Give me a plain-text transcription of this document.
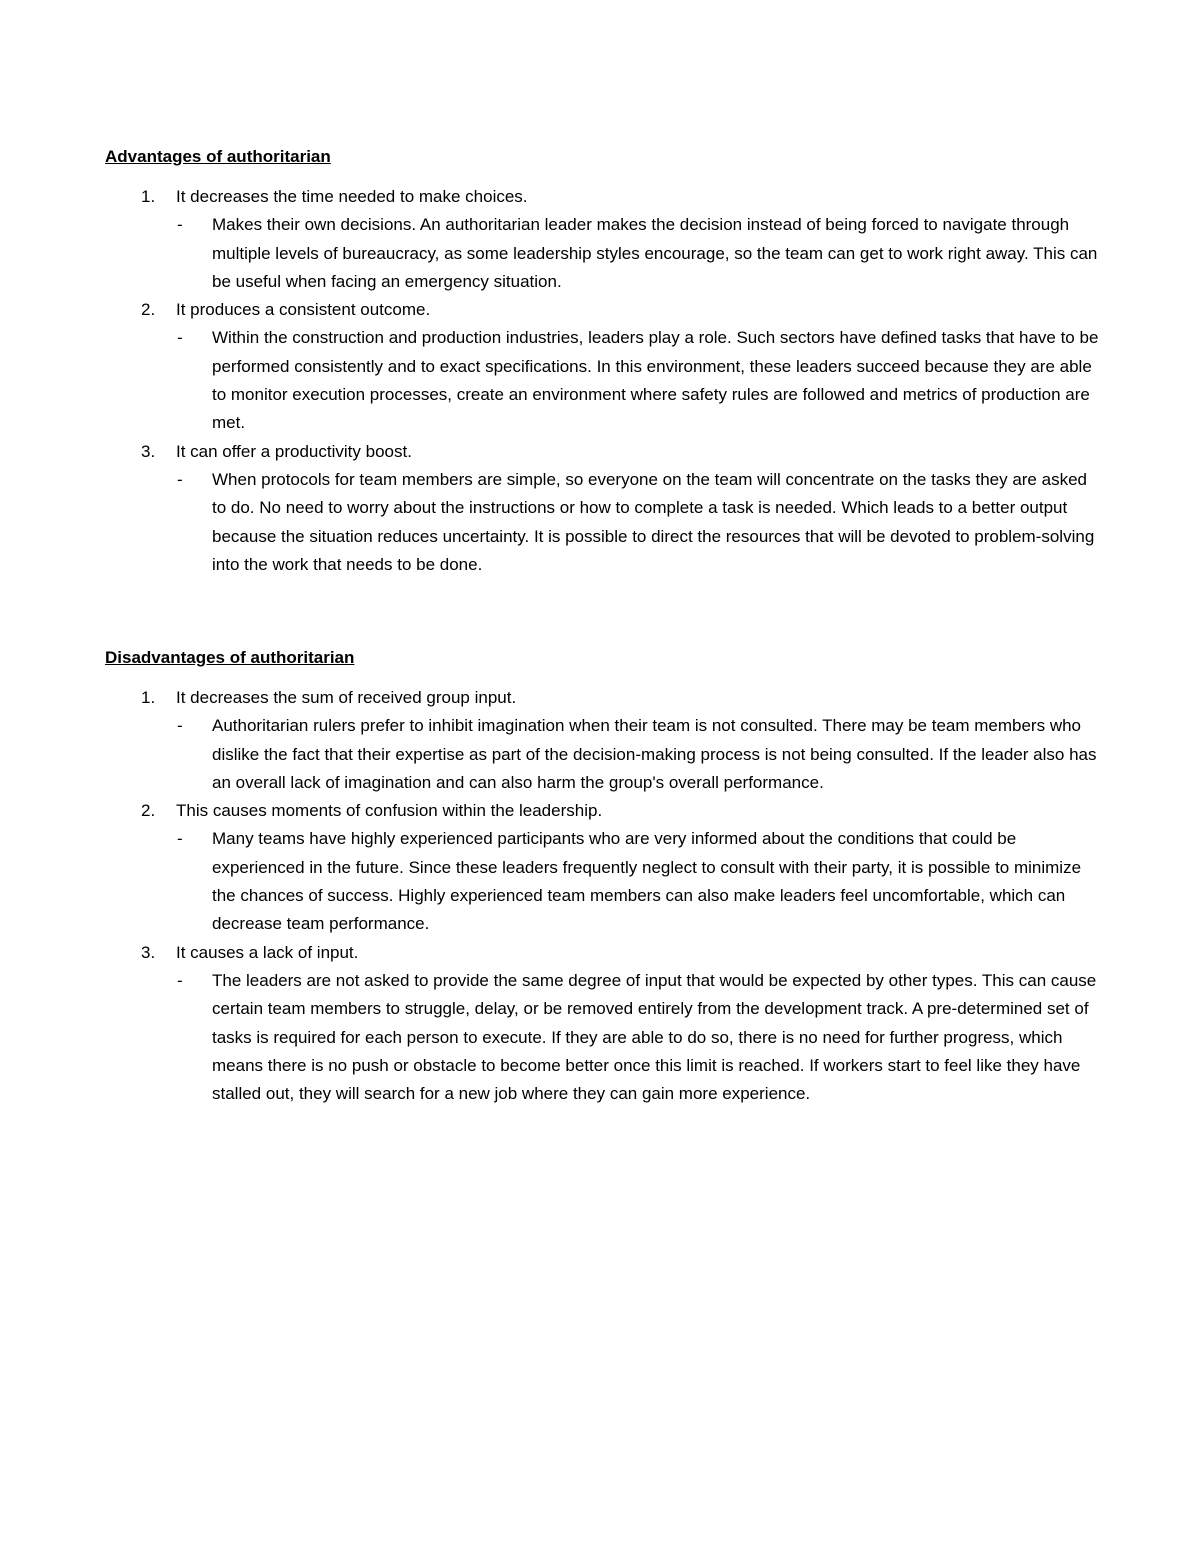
Advantages of authoritarian
1. It decreases the time needed to make choices.
- Makes their own decisions. An authoritarian leader makes the decision instead of being forced to navigate through multiple levels of bureaucracy, as some leadership styles encourage, so the team can get to work right away. This can be useful when facing an emergency situation.
2. It produces a consistent outcome.
- Within the construction and production industries, leaders play a role. Such sectors have defined tasks that have to be performed consistently and to exact specifications. In this environment, these leaders succeed because they are able to monitor execution processes, create an environment where safety rules are followed and metrics of production are met.
3. It can offer a productivity boost.
- When protocols for team members are simple, so everyone on the team will concentrate on the tasks they are asked to do. No need to worry about the instructions or how to complete a task is needed. Which leads to a better output because the situation reduces uncertainty. It is possible to direct the resources that will be devoted to problem-solving into the work that needs to be done.
Disadvantages of authoritarian
1. It decreases the sum of received group input.
- Authoritarian rulers prefer to inhibit imagination when their team is not consulted. There may be team members who dislike the fact that their expertise as part of the decision-making process is not being consulted. If the leader also has an overall lack of imagination and can also harm the group's overall performance.
2. This causes moments of confusion within the leadership.
- Many teams have highly experienced participants who are very informed about the conditions that could be experienced in the future. Since these leaders frequently neglect to consult with their party, it is possible to minimize the chances of success. Highly experienced team members can also make leaders feel uncomfortable, which can decrease team performance.
3. It causes a lack of input.
- The leaders are not asked to provide the same degree of input that would be expected by other types. This can cause certain team members to struggle, delay, or be removed entirely from the development track. A pre-determined set of tasks is required for each person to execute. If they are able to do so, there is no need for further progress, which means there is no push or obstacle to become better once this limit is reached. If workers start to feel like they have stalled out, they will search for a new job where they can gain more experience.
